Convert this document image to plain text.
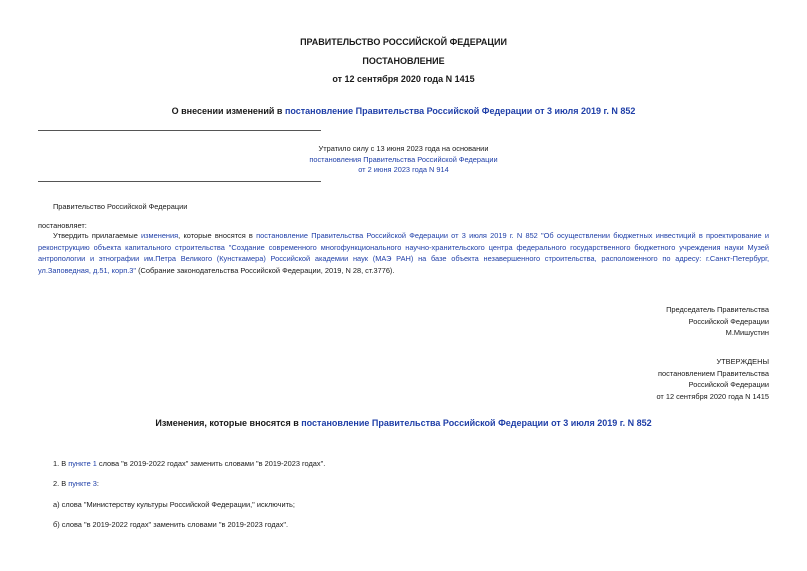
ПРАВИТЕЛЬСТВО РОССИЙСКОЙ ФЕДЕРАЦИИ
ПОСТАНОВЛЕНИЕ
от 12 сентября 2020 года N 1415
О внесении изменений в постановление Правительства Российской Федерации от 3 июля 2019 г. N 852
Утратило силу с 13 июня 2023 года на основании
постановления Правительства Российской Федерации
от 2 июня 2023 года N 914
Правительство Российской Федерации
постановляет:
Утвердить прилагаемые изменения, которые вносятся в постановление Правительства Российской Федерации от 3 июля 2019 г. N 852 "Об осуществлении бюджетных инвестиций в проектирование и реконструкцию объекта капитального строительства "Создание современного многофункционального научно-хранительского центра федерального государственного бюджетного учреждения науки Музей антропологии и этнографии им.Петра Великого (Кунсткамера) Российской академии наук (МАЭ РАН) на базе объекта незавершенного строительства, расположенного по адресу: г.Санкт-Петербург, ул.Заповедная, д.51, корп.3" (Собрание законодательства Российской Федерации, 2019, N 28, ст.3776).
Председатель Правительства
Российской Федерации
М.Мишустин
УТВЕРЖДЕНЫ
постановлением Правительства
Российской Федерации
от 12 сентября 2020 года N 1415
Изменения, которые вносятся в постановление Правительства Российской Федерации от 3 июля 2019 г. N 852
1. В пункте 1 слова "в 2019-2022 годах" заменить словами "в 2019-2023 годах".
2. В пункте 3:
а) слова "Министерству культуры Российской Федерации," исключить;
б) слова "в 2019-2022 годах" заменить словами "в 2019-2023 годах".
